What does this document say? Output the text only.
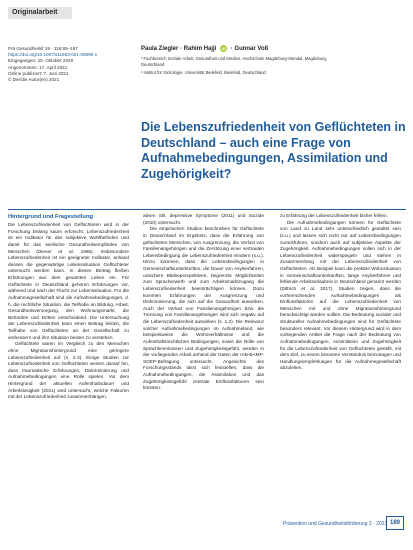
Originalarbeit
Prä Gesundheitsf 19 · 116:85–197
https://doi.org/10.1007/s11553-021-00890-x
Eingegangen: 20. Oktober 2020
Angenommen: 17. April 2021
Online publiziert: 7. Juni 2021
© Der/die Autor(en) 2021
Paula Ziegler · Rahim Hajji iD · Gunnar Voß
¹ Fachbereich Soziale Arbeit, Gesundheit und Medien, Hochschule Magdeburg-Stendal, Magdeburg,
Deutschland
² Institut für Soziologie, Universität Bielefeld, Bielefeld, Deutschland
Die Lebenszufriedenheit von Geflüchteten in Deutschland – auch eine Frage von Aufnahmebedingungen, Assimilation und Zugehörigkeit?
Hintergrund und Fragestellung

Die Lebenszufriedenheit von Geflüchteten wird in der Forschung bislang kaum erforscht. Lebenszufriedenheit ist ein Indikator für das subjektive Wohlbefinden und damit für das seelische Gesundheitsempfinden von Menschen (Diener et al. 1985). Insbesondere Lebenszufriedenheit ist ein geeigneter Indikator, anhand dessen die gegenwärtige Lebenssituation Geflüchteter untersucht werden kann. In diesen Beitrag fließen Erfahrungen aus dem gesamten Leben ein. Für Geflüchtete in Deutschland gehören Erfahrungen vor, während und nach der Flucht zur Lebenssituation. Für die Aufnahmegesellschaft sind die Aufnahmebedingungen, d. h. die rechtliche Situation, die Teilhabe an Bildung, Arbeit, Gesundheitsversorgung, den Wohnungsmarkt, die Behörden und Dritten entscheidend. Die Untersuchung der Lebenszufriedenheit kann einen Beitrag leisten, die Teilhabe von Geflüchteten an der Gesellschaft zu verbessern und ihre Situation besser zu verstehen.

Geflüchtete waren im Vergleich zu den Menschen ohne Migrationshintergrund eine geringere Lebenszufriedenheit auf (s. 2.3). Einige Studien zur Lebenszufriedenheit von Geflüchteten weisen darauf hin, dass traumatische Erfahrungen, Diskriminierung und Aufnahmebedingungen eine Rolle spielen. Vor dem Hintergrund der aktuellen Aufenthaltsdauer und Arbeitslosigkeit (2021) wird untersucht, welche Faktoren mit der Lebenszufriedenheit zusammenhängen.

ativen Stil, depressive Symptome (2011) und Suizide (2010) untersucht.

Die empirischen Studien beschreiben für Geflüchtete in Deutschland im Ergebnis, dass die Erfahrung von gefüchteten Menschen, von Ausgrenzung, die Verlust von Familienangehörigen und die Zerstörung einer vertrauten Lebensbedingung die Lebenszufriedenheit mindern (s.u.). Hinzu kommen, dass die Lebensbedingungen in Gemeinschaftsunterkünften, die Dauer von Asylverfahren, unsichere Bleibeperspektiven, begrenzte Möglichkeiten zum Spracherwerb und zum Arbeitsmarktzugang die Lebenszufriedenheit beeinträchtigen können. Dazu kommen Erfahrungen der Ausgrenzung und Diskriminierung, die sich auf die Gesundheit auswirken. Auch der Verlust von Familienangehörigen bzw. die Trennung von Familienangehörigen wird sich negativ auf die Lebenszufriedenheit auswirken (s. 1.2). Die Relevanz solcher Aufnahmebedingungen im Aufnahmeland, wie beispielsweise die Wohnverhältnisse und die Aufenthaltsrechtlichen Bedingungen, sowie die Rolle von Sprachkenntnissen und Zugehörigkeitsgefühl, werden in der vorliegenden Arbeit anhand der Daten der IAB-BAMF-SOEP-Befragung untersucht. Angesichts des Forschungsstands lässt sich feststellen, dass die Aufnahmebedingungen, die Assimilation und das Zugehörigkeitsgefühl zentrale Einflussfaktoren sein könnten.

zu Erfahrung der Lebenszufriedenheit bisher fehlen.

Die Aufnahmebedingungen können für Geflüchtete von Land zu Land sehr unterschiedlich gestaltet sein (s.u.) und lassen sich nicht nur auf Lebensbedingungen zurückführen, sondern auch auf subjektive Aspekte der Zugehörigkeit. Aufnahmebedingungen sollen sich in der Lebenszufriedenheit widerspiegeln und stehen in Zusammenhang mit der Lebenszufriedenheit von Geflüchteten. Als Beispiel kann die prekäre Wohnsituation in Gemeinschaftsunterkünften, lange Asylverfahren und fehlende Arbeitserlaubnis in Deutschland genannt werden (Dittrich et al. 2017). Studien zeigen, dass die vorherrschenden Aufnahmebedingungen als Einflussfaktoren auf die Lebenszufriedenheit von Menschen mit und ohne Migrationshintergrund berücksichtigt werden sollten. Die Bedeutung sozialer und struktureller Aufnahmebedingungen sind für Geflüchtete besonders relevant. Vor diesem Hintergrund wird in dem vorliegenden Artikel die Frage nach der Bedeutung von Aufnahmebedingungen, Assimilation und Zugehörigkeit für die Lebenszufriedenheit von Geflüchteten gestellt, mit dem Ziel, zu einem besseren Verständnis beizutragen und Handlungsempfehlungen für die Aufnahmegesellschaft abzuleiten.

Prävention und Gesundheitsförderung 2 · 2021 189
